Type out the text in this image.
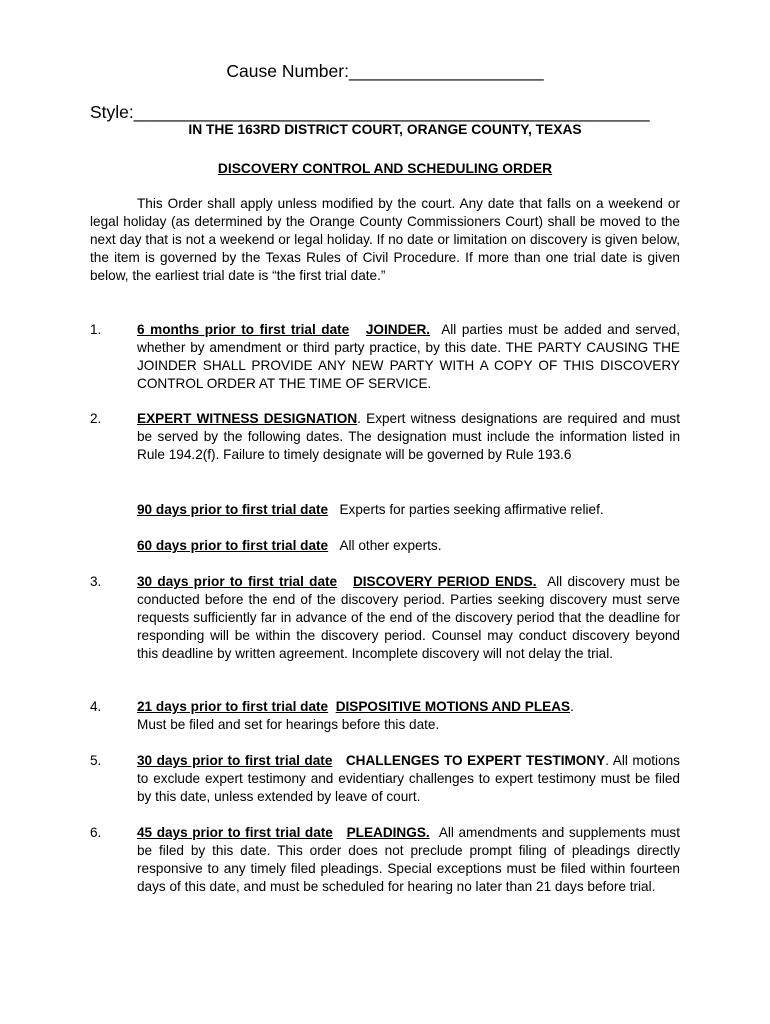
Cause Number:____________________
Style:_____________________________________________________
IN THE 163RD DISTRICT COURT, ORANGE COUNTY, TEXAS
DISCOVERY CONTROL AND SCHEDULING ORDER

This Order shall apply unless modified by the court. Any date that falls on a weekend or legal holiday (as determined by the Orange County Commissioners Court) shall be moved to the next day that is not a weekend or legal holiday. If no date or limitation on discovery is given below, the item is governed by the Texas Rules of Civil Procedure. If more than one trial date is given below, the earliest trial date is “the first trial date.”

1.	6 months prior to first trial date JOINDER. All parties must be added and served, whether by amendment or third party practice, by this date. THE PARTY CAUSING THE JOINDER SHALL PROVIDE ANY NEW PARTY WITH A COPY OF THIS DISCOVERY CONTROL ORDER AT THE TIME OF SERVICE.

2.	EXPERT WITNESS DESIGNATION. Expert witness designations are required and must be served by the following dates. The designation must include the information listed in Rule 194.2(f). Failure to timely designate will be governed by Rule 193.6

90 days prior to first trial date Experts for parties seeking affirmative relief.
60 days prior to first trial date All other experts.
3.	30 days prior to first trial date DISCOVERY PERIOD ENDS. All discovery must be conducted before the end of the discovery period. Parties seeking discovery must serve requests sufficiently far in advance of the end of the discovery period that the deadline for responding will be within the discovery period. Counsel may conduct discovery beyond this deadline by written agreement. Incomplete discovery will not delay the trial.

4.	21 days prior to first trial date DISPOSITIVE MOTIONS AND PLEAS.
Must be filed and set for hearings before this date.

5.	30 days prior to first trial date CHALLENGES TO EXPERT TESTIMONY. All motions to exclude expert testimony and evidentiary challenges to expert testimony must be filed by this date, unless extended by leave of court.

6.	45 days prior to first trial date PLEADINGS. All amendments and supplements must be filed by this date. This order does not preclude prompt filing of pleadings directly responsive to any timely filed pleadings. Special exceptions must be filed within fourteen days of this date, and must be scheduled for hearing no later than 21 days before trial.
